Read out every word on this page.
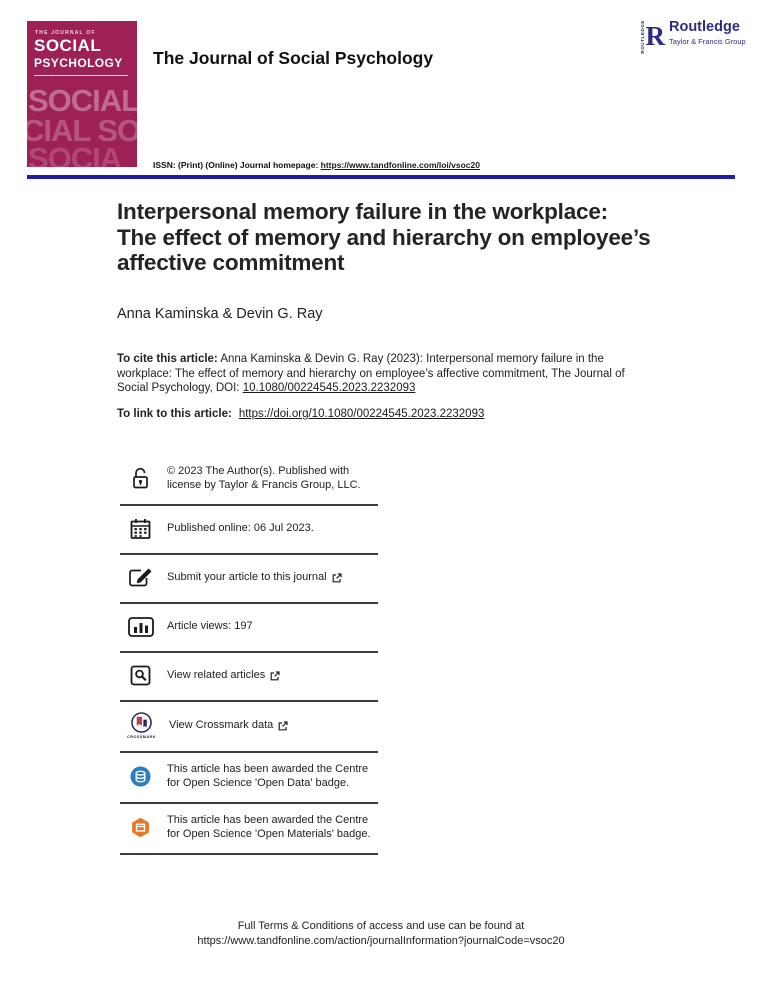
THE JOURNAL OF
SOCIAL
PSYCHOLOGY
SOCIAL S
CIAL SOC
SOCIA
The Journal of Social Psychology
ROUTLEDGE R Routledge
Taylor & Francis Group

ISSN: (Print) (Online) Journal homepage: https://www.tandfonline.com/loi/vsoc20

Interpersonal memory failure in the workplace:
The effect of memory and hierarchy on employee’s
affective commitment

Anna Kaminska & Devin G. Ray

To cite this article: Anna Kaminska & Devin G. Ray (2023): Interpersonal memory failure in the workplace: The effect of memory and hierarchy on employee’s affective commitment, The Journal of Social Psychology, DOI: 10.1080/00224545.2023.2232093

To link to this article: https://doi.org/10.1080/00224545.2023.2232093

© 2023 The Author(s). Published with license by Taylor & Francis Group, LLC.
Published online: 06 Jul 2023.
Submit your article to this journal
Article views: 197
View related articles
CROSSMARK
View Crossmark data
This article has been awarded the Centre for Open Science 'Open Data' badge.
This article has been awarded the Centre for Open Science 'Open Materials' badge.

Full Terms & Conditions of access and use can be found at

https://www.tandfonline.com/action/journalInformation?journalCode=vsoc20
